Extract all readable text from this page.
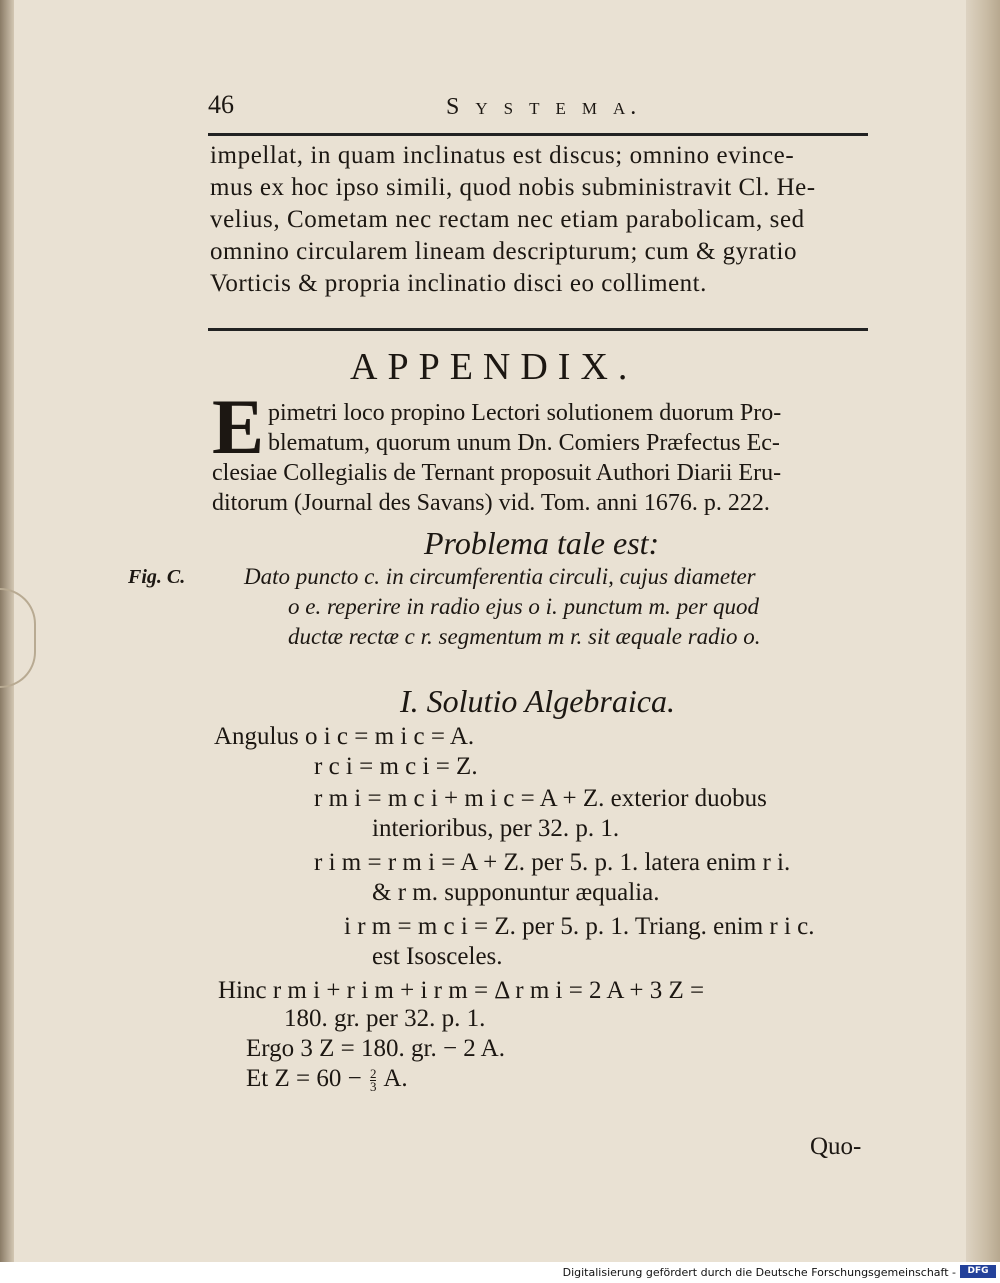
46	S y s t e m a.
impellat, in quam inclinatus est discus; omnino evince-
mus ex hoc ipso simili, quod nobis subministravit Cl. He-
velius, Cometam nec rectam nec etiam parabolicam, sed
omnino circularem lineam descripturum; cum & gyratio
Vorticis & propria inclinatio disci eo colliment.
APPENDIX.
E pimetri loco propino Lectori solutionem duorum Pro-
blematum, quorum unum Dn. Comiers Præfectus Ec-
clesiae Collegialis de Ternant proposuit Authori Diarii Eru-
ditorum (Journal des Savans) vid. Tom. anni 1676. p. 222.
Problema tale est:
Fig. C.	Dato puncto c. in circumferentia circuli, cujus diameter
o e. reperire in radio ejus o i. punctum m. per quod
ductæ rectæ c r. segmentum m r. sit æquale radio o.
I. Solutio Algebraica.
Angulus o i c = m i c = A.
r c i = m c i = Z.
r m i = m c i + m i c = A + Z. exterior duobus
interioribus, per 32. p. 1.
r i m = r m i = A + Z. per 5. p. 1. latera enim r i.
& r m. supponuntur æqualia.
i r m = m c i = Z. per 5. p. 1. Triang. enim r i c.
est Isosceles.
Hinc r m i + r i m + i r m = Δ r m i = 2 A + 3 Z =
180. gr. per 32. p. 1.
Ergo 3 Z = 180. gr. − 2 A.
Et $Z = 60 - \frac{2}{3} A$.
Quo-
Digitalisierung gefördert durch die Deutsche Forschungsgemeinschaft -	DFG
